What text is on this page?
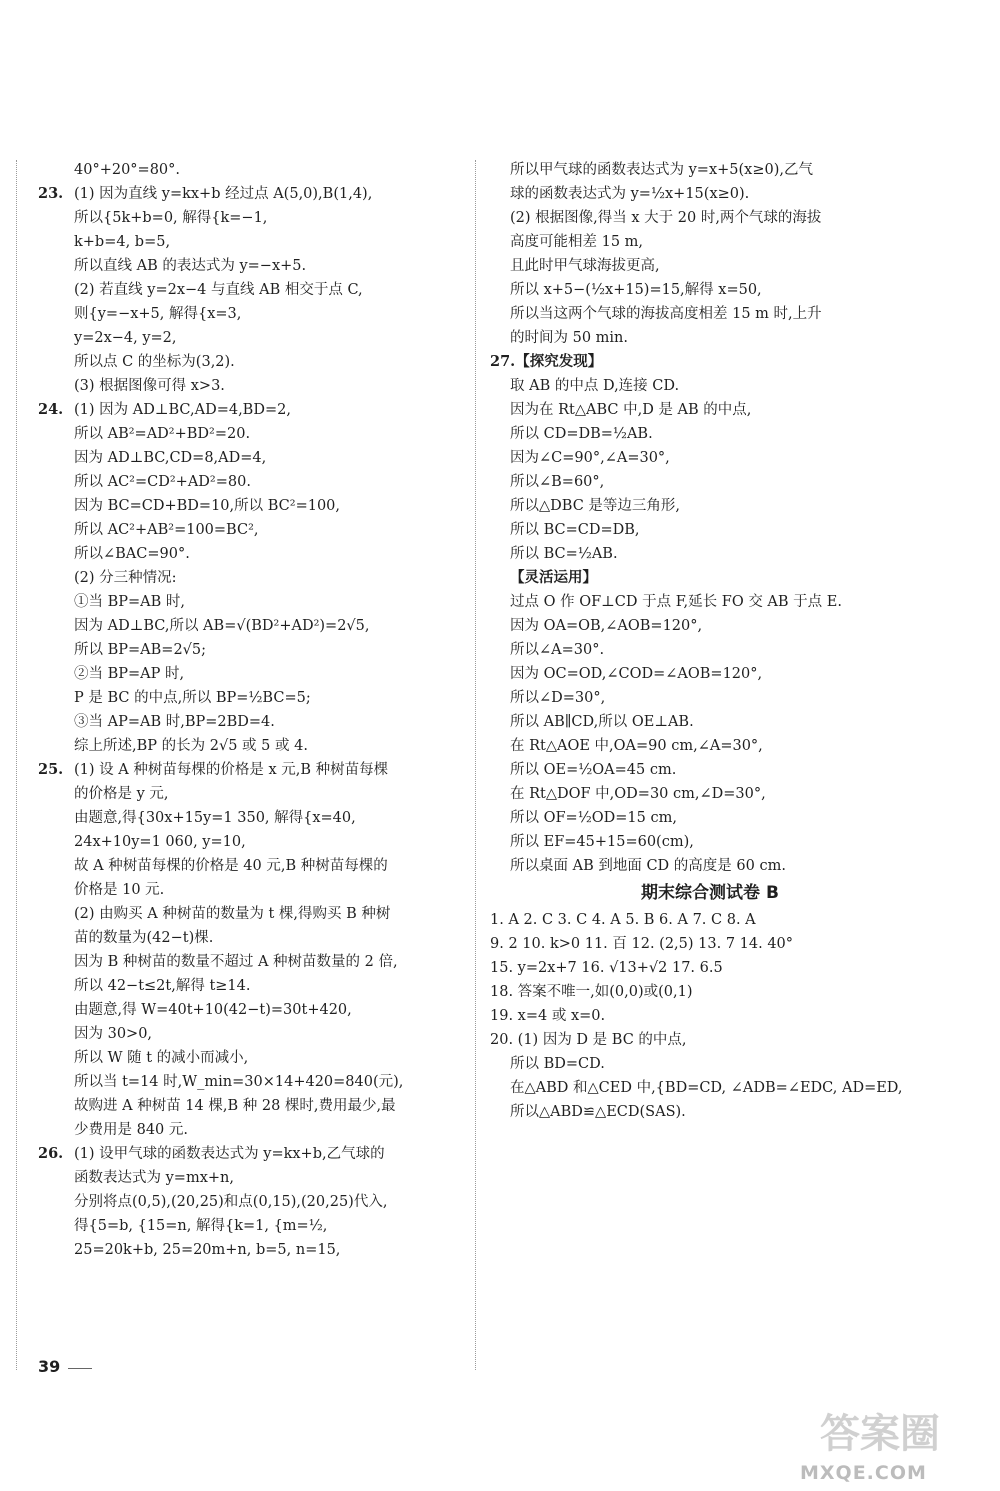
40°+20°=80°.
23. (1) 因为直线 y=kx+b 经过点 A(5,0),B(1,4),
所以{5k+b=0, 解得{k=−1,
k+b=4, b=5,
所以直线 AB 的表达式为 y=−x+5.
(2) 若直线 y=2x−4 与直线 AB 相交于点 C,
则{y=−x+5, 解得{x=3,
y=2x−4, y=2,
所以点 C 的坐标为(3,2).
(3) 根据图像可得 x>3.
24. (1) 因为 AD⊥BC,AD=4,BD=2,
所以 AB²=AD²+BD²=20.
因为 AD⊥BC,CD=8,AD=4,
所以 AC²=CD²+AD²=80.
因为 BC=CD+BD=10,所以 BC²=100,
所以 AC²+AB²=100=BC²,
所以∠BAC=90°.
(2) 分三种情况:
①当 BP=AB 时,
因为 AD⊥BC,所以 AB=√(BD²+AD²)=2√5,
所以 BP=AB=2√5;
②当 BP=AP 时,
P 是 BC 的中点,所以 BP=½BC=5;
③当 AP=AB 时,BP=2BD=4.
综上所述,BP 的长为 2√5 或 5 或 4.
25. (1) 设 A 种树苗每棵的价格是 x 元,B 种树苗每棵
的价格是 y 元,
由题意,得{30x+15y=1 350, 解得{x=40,
24x+10y=1 060, y=10,
故 A 种树苗每棵的价格是 40 元,B 种树苗每棵的
价格是 10 元.
(2) 由购买 A 种树苗的数量为 t 棵,得购买 B 种树
苗的数量为(42−t)棵.
因为 B 种树苗的数量不超过 A 种树苗数量的 2 倍,
所以 42−t≤2t,解得 t≥14.
由题意,得 W=40t+10(42−t)=30t+420,
因为 30>0,
所以 W 随 t 的减小而减小,
所以当 t=14 时,W_min=30×14+420=840(元),
故购进 A 种树苗 14 棵,B 种 28 棵时,费用最少,最
少费用是 840 元.
26. (1) 设甲气球的函数表达式为 y=kx+b,乙气球的
函数表达式为 y=mx+n,
分别将点(0,5),(20,25)和点(0,15),(20,25)代入,
得{5=b, {15=n, 解得{k=1, {m=½,
25=20k+b, 25=20m+n, b=5, n=15,
所以甲气球的函数表达式为 y=x+5(x≥0),乙气
球的函数表达式为 y=½x+15(x≥0).
(2) 根据图像,得当 x 大于 20 时,两个气球的海拔
高度可能相差 15 m,
且此时甲气球海拔更高,
所以 x+5−(½x+15)=15,解得 x=50,
所以当这两个气球的海拔高度相差 15 m 时,上升
的时间为 50 min.
27.【探究发现】
取 AB 的中点 D,连接 CD.
因为在 Rt△ABC 中,D 是 AB 的中点,
所以 CD=DB=½AB.
因为∠C=90°,∠A=30°,
所以∠B=60°,
所以△DBC 是等边三角形,
所以 BC=CD=DB,
所以 BC=½AB.
【灵活运用】
过点 O 作 OF⊥CD 于点 F,延长 FO 交 AB 于点 E.
因为 OA=OB,∠AOB=120°,
所以∠A=30°.
因为 OC=OD,∠COD=∠AOB=120°,
所以∠D=30°,
所以 AB∥CD,所以 OE⊥AB.
在 Rt△AOE 中,OA=90 cm,∠A=30°,
所以 OE=½OA=45 cm.
在 Rt△DOF 中,OD=30 cm,∠D=30°,
所以 OF=½OD=15 cm,
所以 EF=45+15=60(cm),
所以桌面 AB 到地面 CD 的高度是 60 cm.
期末综合测试卷 B
1. A 2. C 3. C 4. A 5. B 6. A 7. C 8. A
9. 2 10. k>0 11. 百 12. (2,5) 13. 7 14. 40°
15. y=2x+7 16. √13+√2 17. 6.5
18. 答案不唯一,如(0,0)或(0,1)
19. x=4 或 x=0.
20. (1) 因为 D 是 BC 的中点,
所以 BD=CD.
在△ABD 和△CED 中,{BD=CD, ∠ADB=∠EDC, AD=ED,
所以△ABD≌△ECD(SAS).
39
答案圈
MXQE.COM
